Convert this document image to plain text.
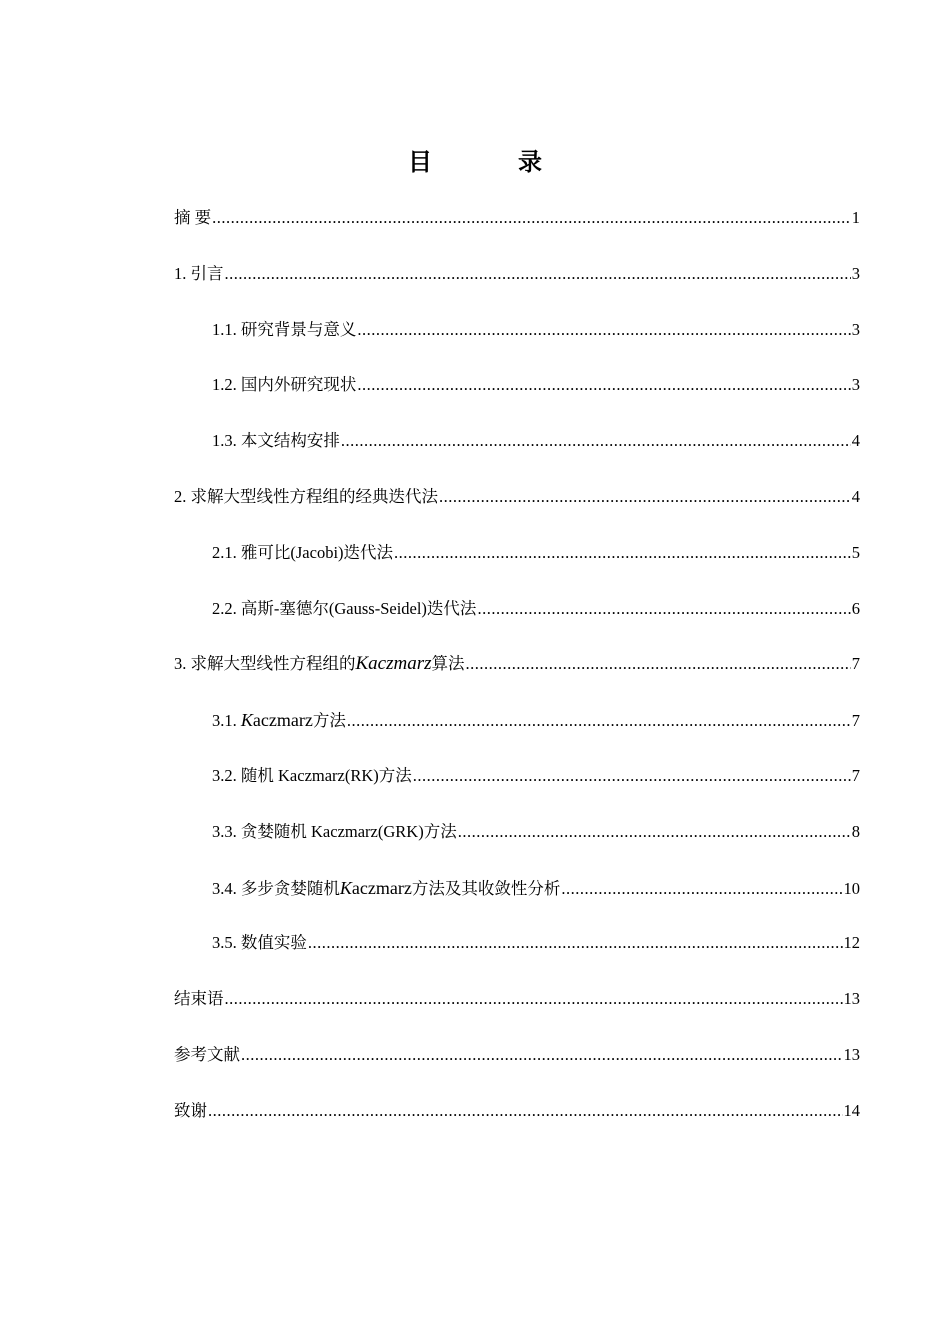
目 录
摘 要 .....	1
1. 引言 .....	3
1.1. 研究背景与意义 .....	3
1.2. 国内外研究现状 .....	3
1.3. 本文结构安排 .....	4
2. 求解大型线性方程组的经典迭代法 .....	4
2.1. 雅可比(Jacobi)迭代法 .....	5
2.2. 高斯-塞德尔(Gauss-Seidel)迭代法 .....	6
3. 求解大型线性方程组的Kaczmarz算法 .....	7
3.1. Kaczmarz方法 .....	7
3.2. 随机 Kaczmarz(RK)方法 .....	7
3.3. 贪婪随机 Kaczmarz(GRK)方法 .....	8
3.4. 多步贪婪随机Kaczmarz方法及其收敛性分析 .....	10
3.5. 数值实验 .....	12
结束语 .....	13
参考文献 .....	13
致谢 .....	14
